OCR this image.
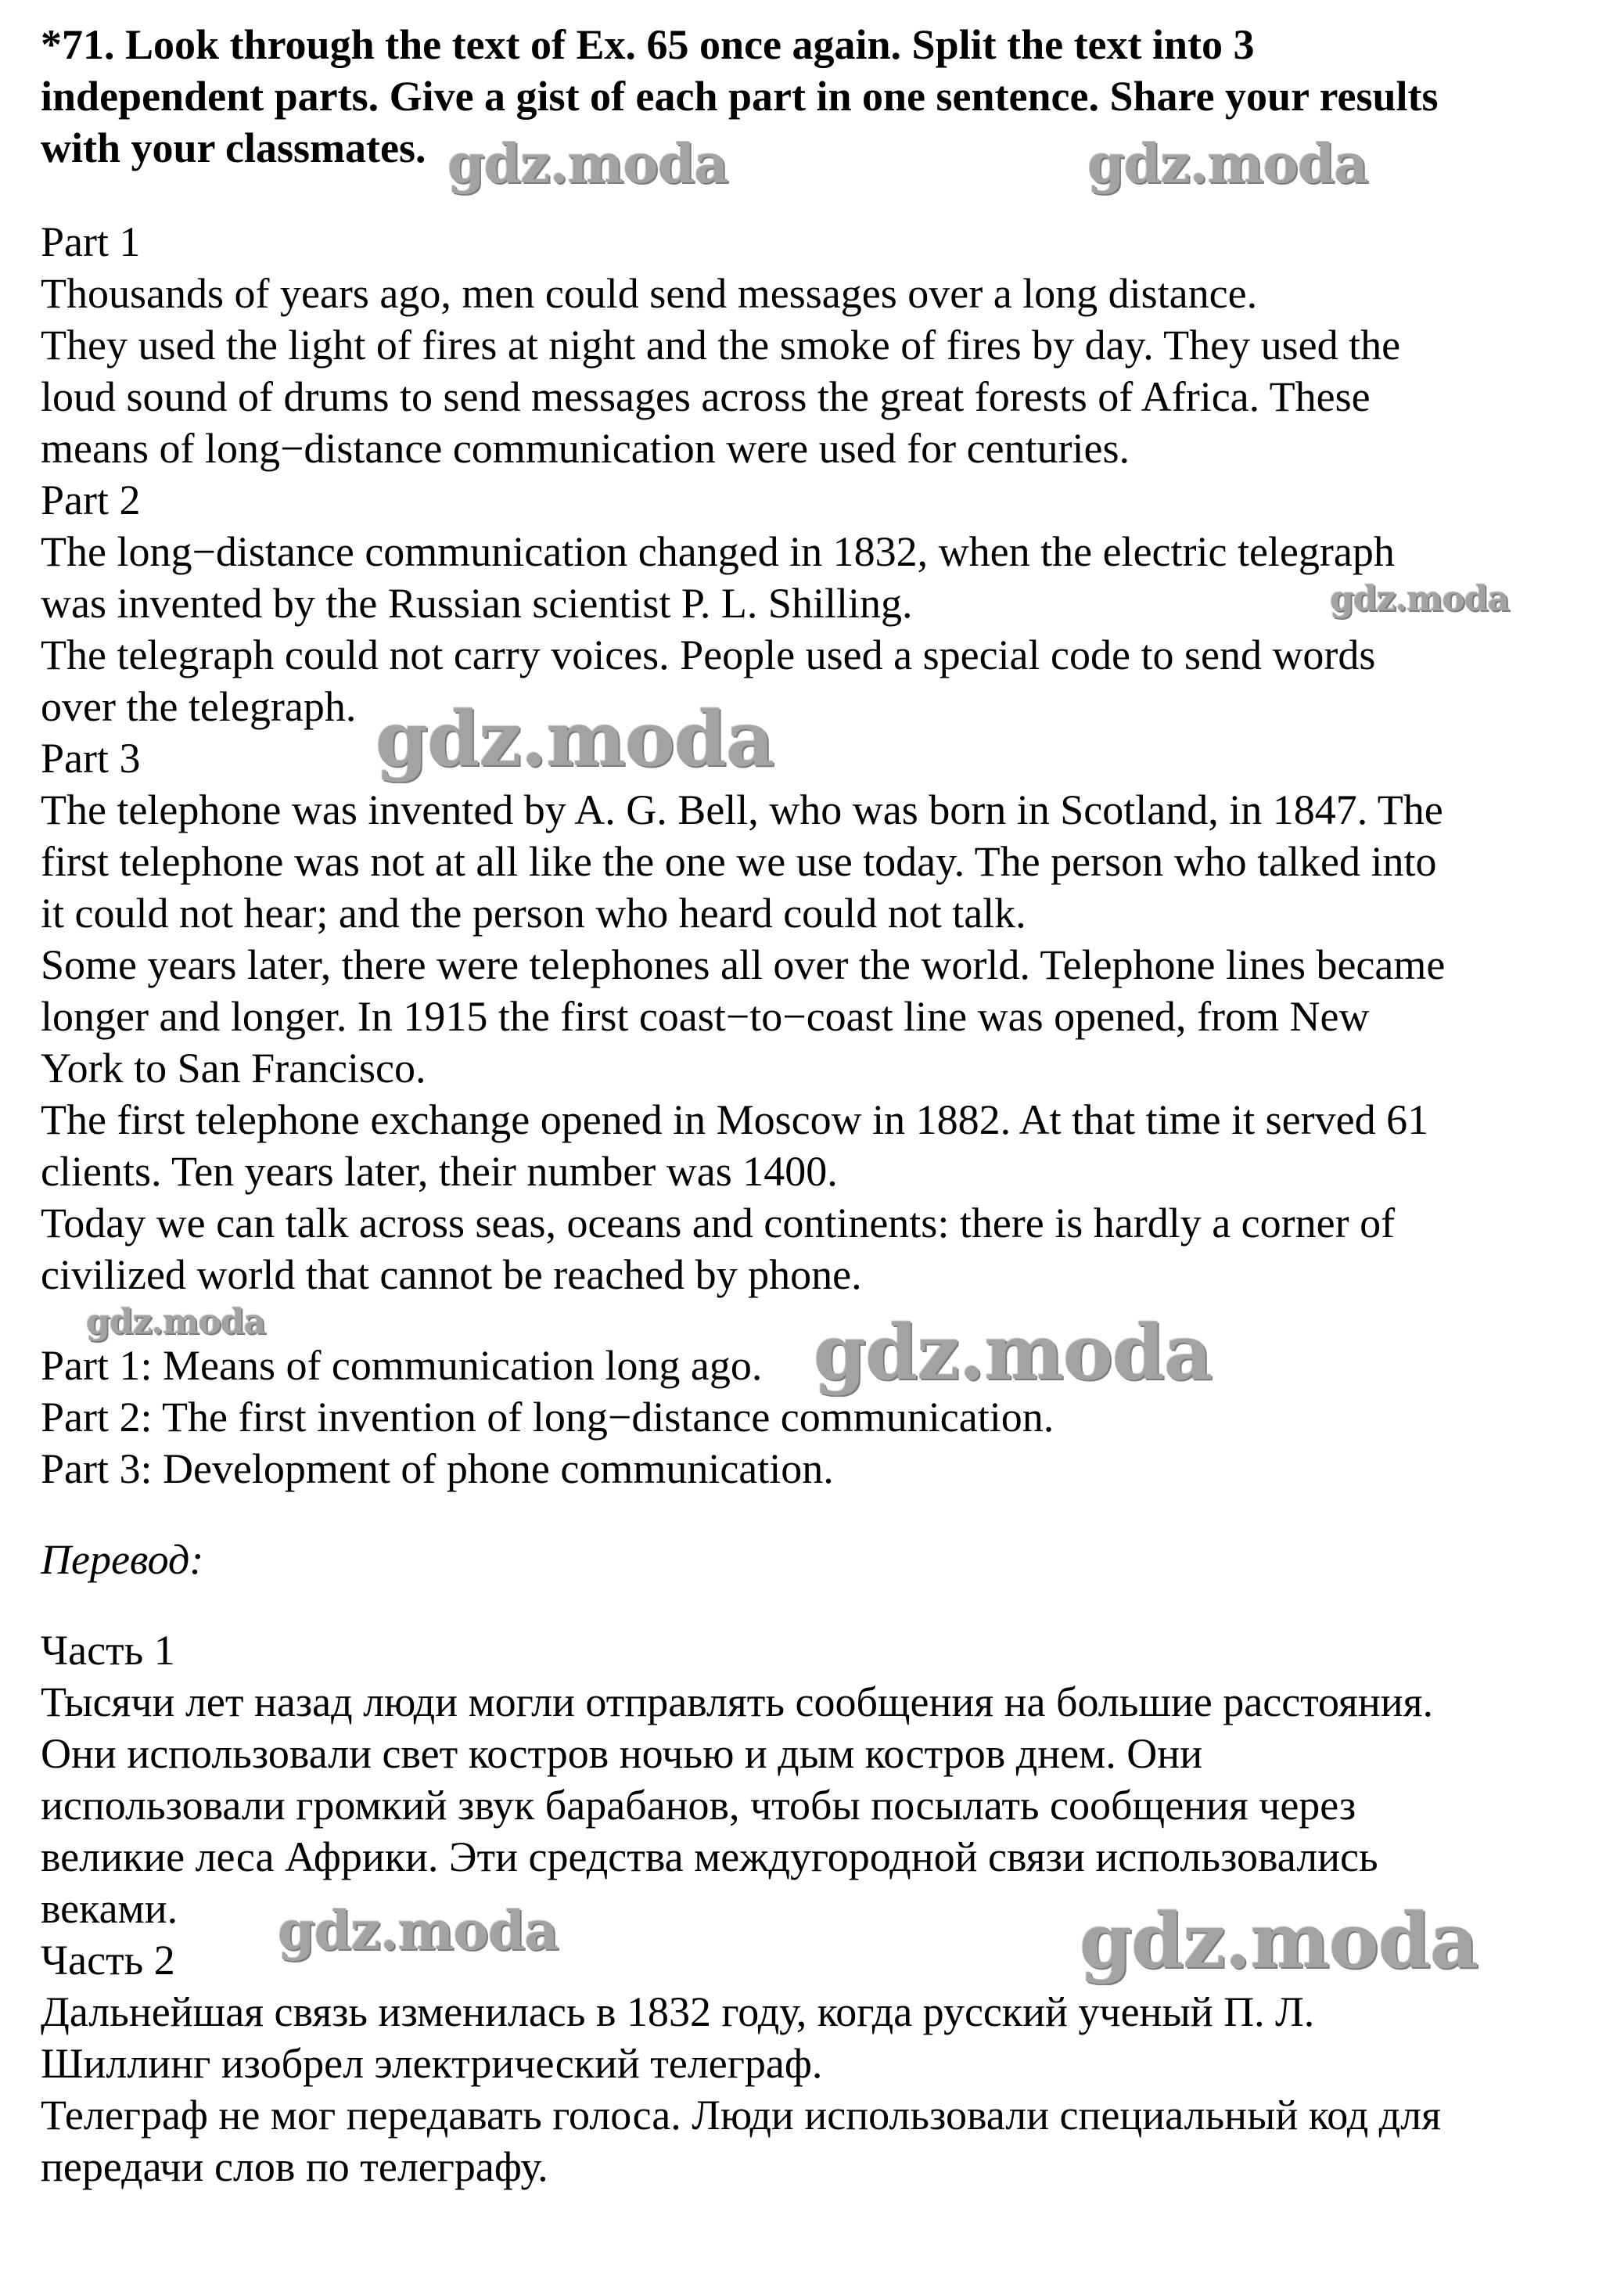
*71. Look through the text of Ex. 65 once again. Split the text into 3
independent parts. Give a gist of each part in one sentence. Share your results
with your classmates.
Part 1
Thousands of years ago, men could send messages over a long distance.
They used the light of fires at night and the smoke of fires by day. They used the
loud sound of drums to send messages across the great forests of Africa. These
means of long−distance communication were used for centuries.
Part 2
The long−distance communication changed in 1832, when the electric telegraph
was invented by the Russian scientist P. L. Shilling.
The telegraph could not carry voices. People used a special code to send words
over the telegraph.
Part 3
The telephone was invented by A. G. Bell, who was born in Scotland, in 1847. The
first telephone was not at all like the one we use today. The person who talked into
it could not hear; and the person who heard could not talk.
Some years later, there were telephones all over the world. Telephone lines became
longer and longer. In 1915 the first coast−to−coast line was opened, from New
York to San Francisco.
The first telephone exchange opened in Moscow in 1882. At that time it served 61
clients. Ten years later, their number was 1400.
Today we can talk across seas, oceans and continents: there is hardly a corner of
civilized world that cannot be reached by phone.
Part 1: Means of communication long ago.
Part 2: The first invention of long−distance communication.
Part 3: Development of phone communication.
Перевод:
Часть 1
Тысячи лет назад люди могли отправлять сообщения на большие расстояния.
Они использовали свет костров ночью и дым костров днем. Они
использовали громкий звук барабанов, чтобы посылать сообщения через
великие леса Африки. Эти средства междугородной связи использовались
веками.
Часть 2
Дальнейшая связь изменилась в 1832 году, когда русский ученый П. Л.
Шиллинг изобрел электрический телеграф.
Телеграф не мог передавать голоса. Люди использовали специальный код для
передачи слов по телеграфу.
gdz.moda	gdz.moda
gdz.moda
gdz.moda
gdz.moda	gdz.moda
gdz.moda	gdz.moda
